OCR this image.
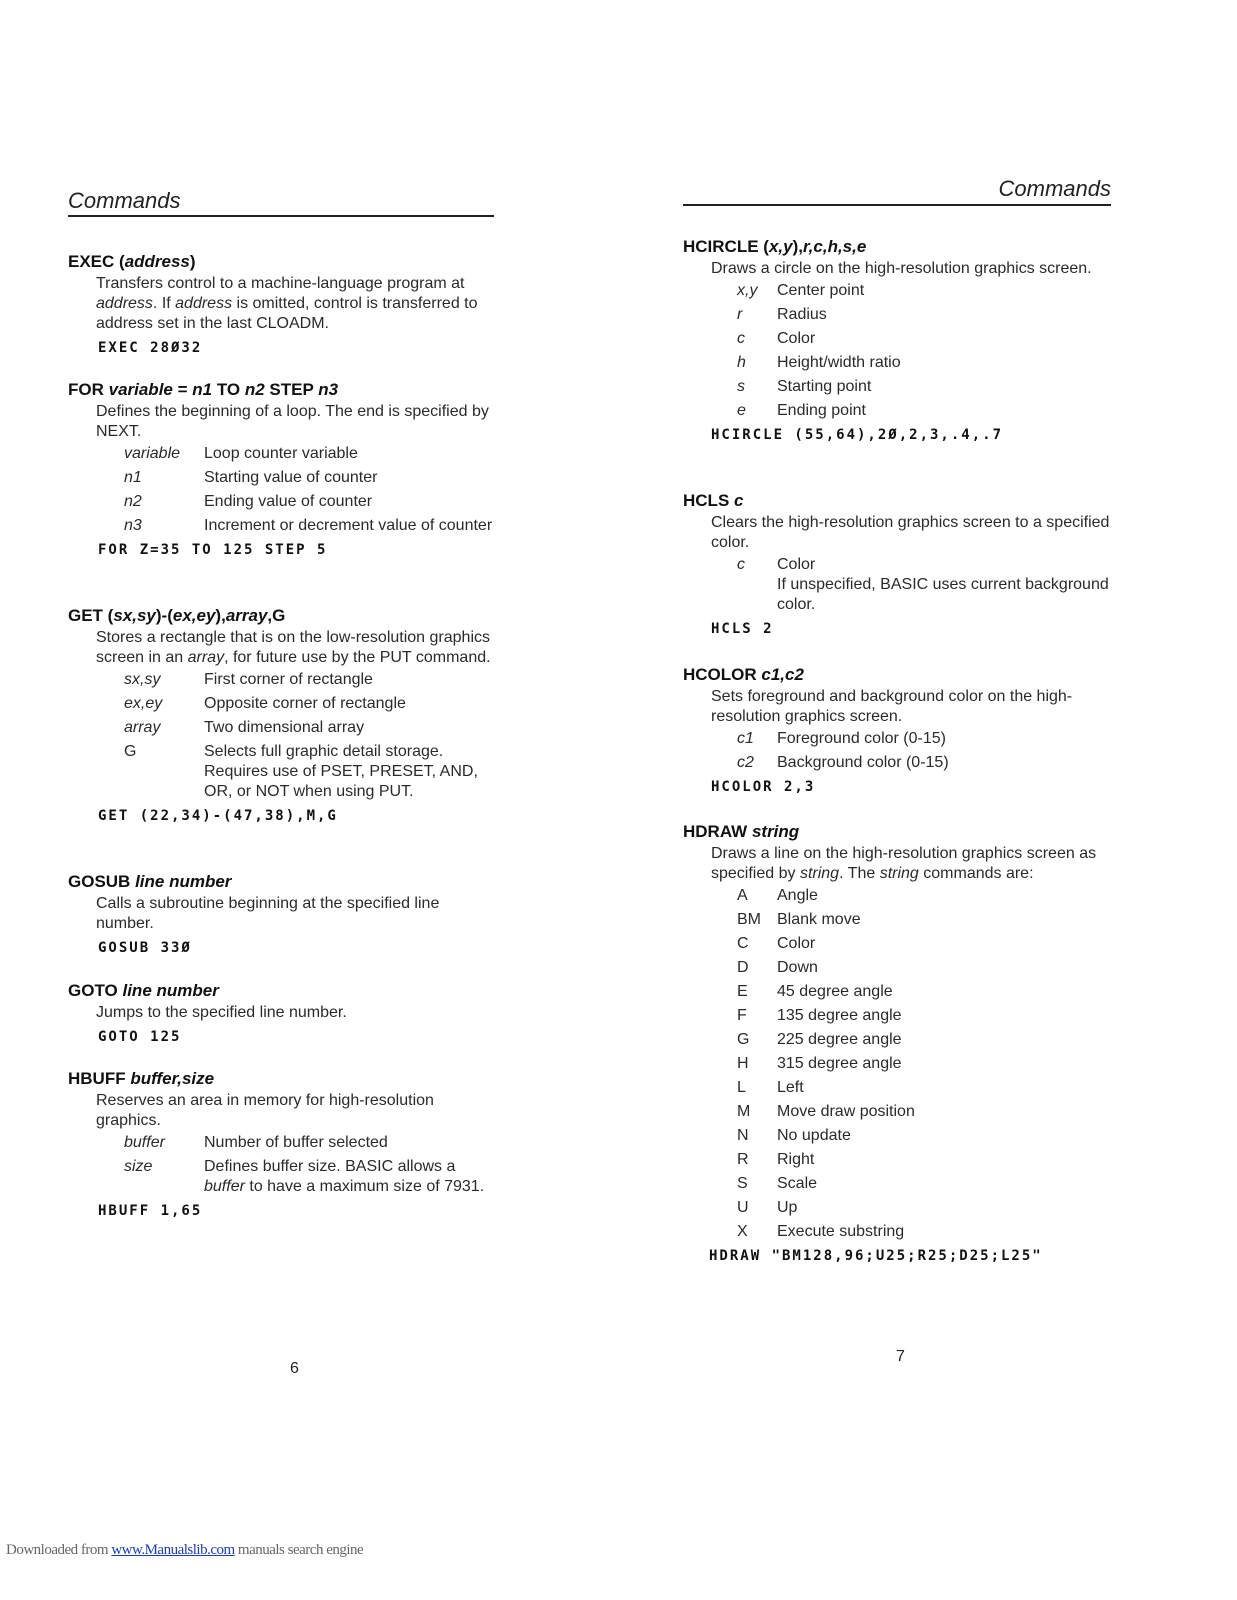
Commands
EXEC (address)
Transfers control to a machine-language program at address. If address is omitted, control is transferred to address set in the last CLOADM.
EXEC 28Ø32
FOR variable = n1 TO n2 STEP n3
Defines the beginning of a loop. The end is specified by NEXT.
variable	Loop counter variable
n1	Starting value of counter
n2	Ending value of counter
n3	Increment or decrement value of counter
FOR Z=35 TO 125 STEP 5
GET (sx,sy)-(ex,ey),array,G
Stores a rectangle that is on the low-resolution graphics screen in an array, for future use by the PUT command.
sx,sy	First corner of rectangle
ex,ey	Opposite corner of rectangle
array	Two dimensional array
G	Selects full graphic detail storage. Requires use of PSET, PRESET, AND, OR, or NOT when using PUT.
GET (22,34)-(47,38),M,G
GOSUB line number
Calls a subroutine beginning at the specified line number.
GOSUB 33Ø
GOTO line number
Jumps to the specified line number.
GOTO 125
HBUFF buffer,size
Reserves an area in memory for high-resolution graphics.
buffer	Number of buffer selected
size	Defines buffer size. BASIC allows a buffer to have a maximum size of 7931.
HBUFF 1,65
6
Commands
HCIRCLE (x,y),r,c,h,s,e
Draws a circle on the high-resolution graphics screen.
x,y	Center point
r	Radius
c	Color
h	Height/width ratio
s	Starting point
e	Ending point
HCIRCLE (55,64),2Ø,2,3,.4,.7
HCLS c
Clears the high-resolution graphics screen to a specified color.
c	Color
If unspecified, BASIC uses current background color.
HCLS 2
HCOLOR c1,c2
Sets foreground and background color on the high-resolution graphics screen.
c1	Foreground color (0-15)
c2	Background color (0-15)
HCOLOR 2,3
HDRAW string
Draws a line on the high-resolution graphics screen as specified by string. The string commands are:
A	Angle
BM	Blank move
C	Color
D	Down
E	45 degree angle
F	135 degree angle
G	225 degree angle
H	315 degree angle
L	Left
M	Move draw position
N	No update
R	Right
S	Scale
U	Up
X	Execute substring
HDRAW "BM128,96;U25;R25;D25;L25"
7
Downloaded from www.Manualslib.com manuals search engine
